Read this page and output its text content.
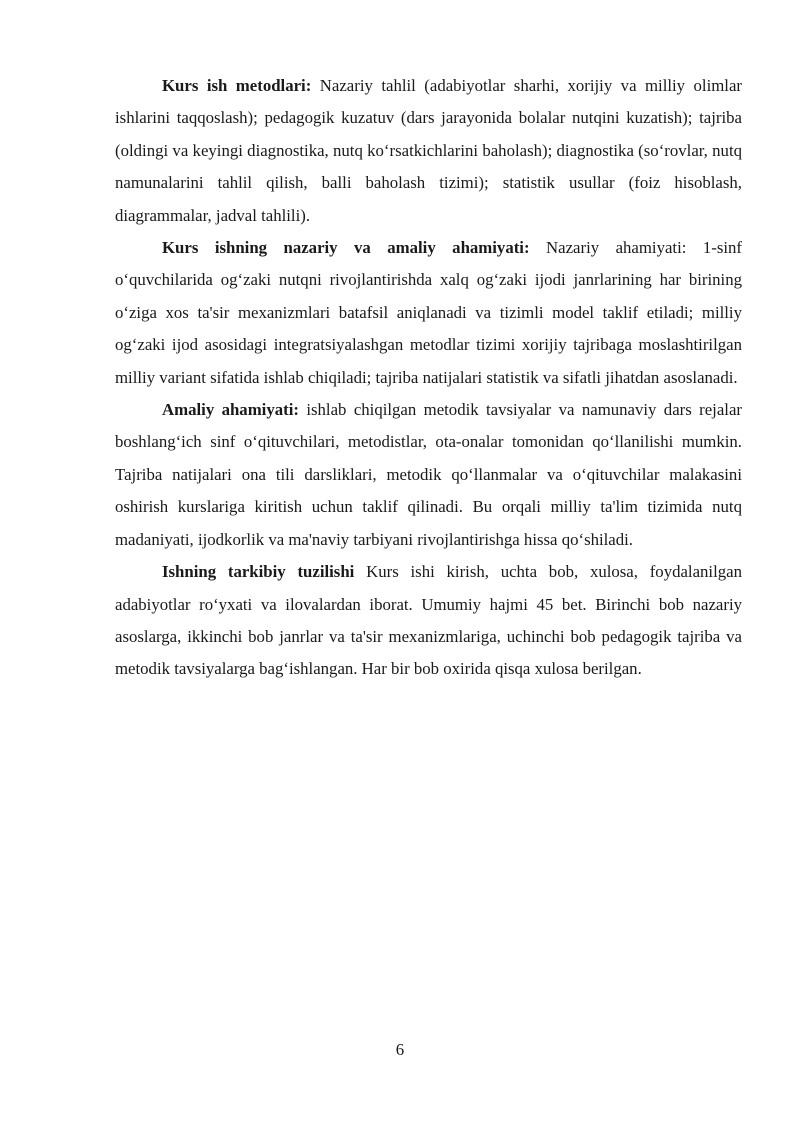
Kurs ish metodlari: Nazariy tahlil (adabiyotlar sharhi, xorijiy va milliy olimlar ishlarini taqqoslash); pedagogik kuzatuv (dars jarayonida bolalar nutqini kuzatish); tajriba (oldingi va keyingi diagnostika, nutq ko‘rsatkichlarini baholash); diagnostika (so‘rovlar, nutq namunalarini tahlil qilish, balli baholash tizimi); statistik usullar (foiz hisoblash, diagrammalar, jadval tahlili).

Kurs ishning nazariy va amaliy ahamiyati: Nazariy ahamiyati: 1-sinf o‘quvchilarida og‘zaki nutqni rivojlantirishda xalq og‘zaki ijodi janrlarining har birining o‘ziga xos ta'sir mexanizmlari batafsil aniqlanadi va tizimli model taklif etiladi; milliy og‘zaki ijod asosidagi integratsiyalashgan metodlar tizimi xorijiy tajribaga moslashtirilgan milliy variant sifatida ishlab chiqiladi; tajriba natijalari statistik va sifatli jihatdan asoslanadi.

Amaliy ahamiyati: ishlab chiqilgan metodik tavsiyalar va namunaviy dars rejalar boshlang‘ich sinf o‘qituvchilari, metodistlar, ota-onalar tomonidan qo‘llanilishi mumkin. Tajriba natijalari ona tili darsliklari, metodik qo‘llanmalar va o‘qituvchilar malakasini oshirish kurslariga kiritish uchun taklif qilinadi. Bu orqali milliy ta'lim tizimida nutq madaniyati, ijodkorlik va ma'naviy tarbiyani rivojlantirishga hissa qo‘shiladi.

Ishning tarkibiy tuzilishi Kurs ishi kirish, uchta bob, xulosa, foydalanilgan adabiyotlar ro‘yxati va ilovalardan iborat. Umumiy hajmi 45 bet. Birinchi bob nazariy asoslarga, ikkinchi bob janrlar va ta'sir mexanizmlariga, uchinchi bob pedagogik tajriba va metodik tavsiyalarga bag‘ishlangan. Har bir bob oxirida qisqa xulosa berilgan.

6
